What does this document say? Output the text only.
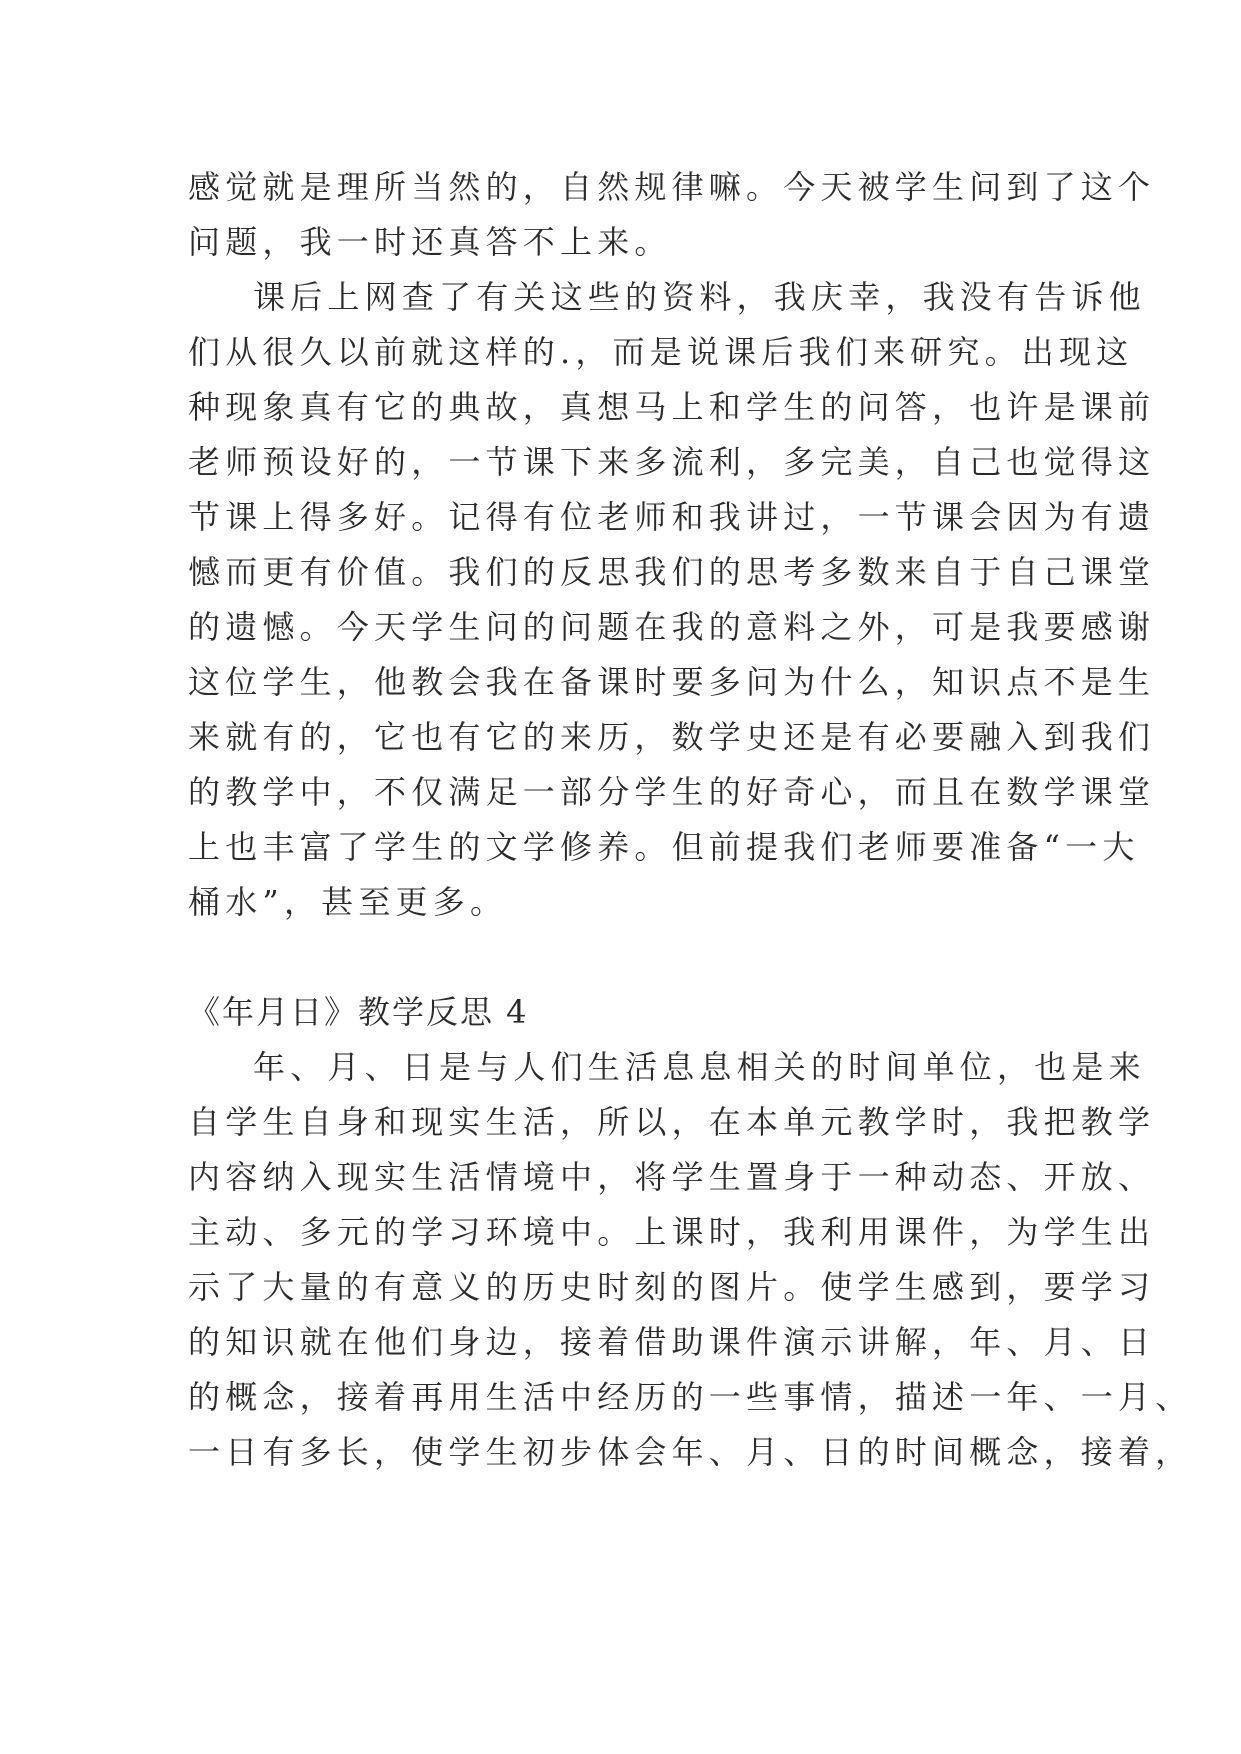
感觉就是理所当然的，自然规律嘛。今天被学生问到了这个
问题，我一时还真答不上来。
课后上网查了有关这些的资料，我庆幸，我没有告诉他
们从很久以前就这样的.，而是说课后我们来研究。出现这
种现象真有它的典故，真想马上和学生的问答，也许是课前
老师预设好的，一节课下来多流利，多完美，自己也觉得这
节课上得多好。记得有位老师和我讲过，一节课会因为有遗
憾而更有价值。我们的反思我们的思考多数来自于自己课堂
的遗憾。今天学生问的问题在我的意料之外，可是我要感谢
这位学生，他教会我在备课时要多问为什么，知识点不是生
来就有的，它也有它的来历，数学史还是有必要融入到我们
的教学中，不仅满足一部分学生的好奇心，而且在数学课堂
上也丰富了学生的文学修养。但前提我们老师要准备“一大
桶水”，甚至更多。
《年月日》教学反思 4
年、月、日是与人们生活息息相关的时间单位，也是来
自学生自身和现实生活，所以，在本单元教学时，我把教学
内容纳入现实生活情境中，将学生置身于一种动态、开放、
主动、多元的学习环境中。上课时，我利用课件，为学生出
示了大量的有意义的历史时刻的图片。使学生感到，要学习
的知识就在他们身边，接着借助课件演示讲解，年、月、日
的概念，接着再用生活中经历的一些事情，描述一年、一月、
一日有多长，使学生初步体会年、月、日的时间概念，接着，
